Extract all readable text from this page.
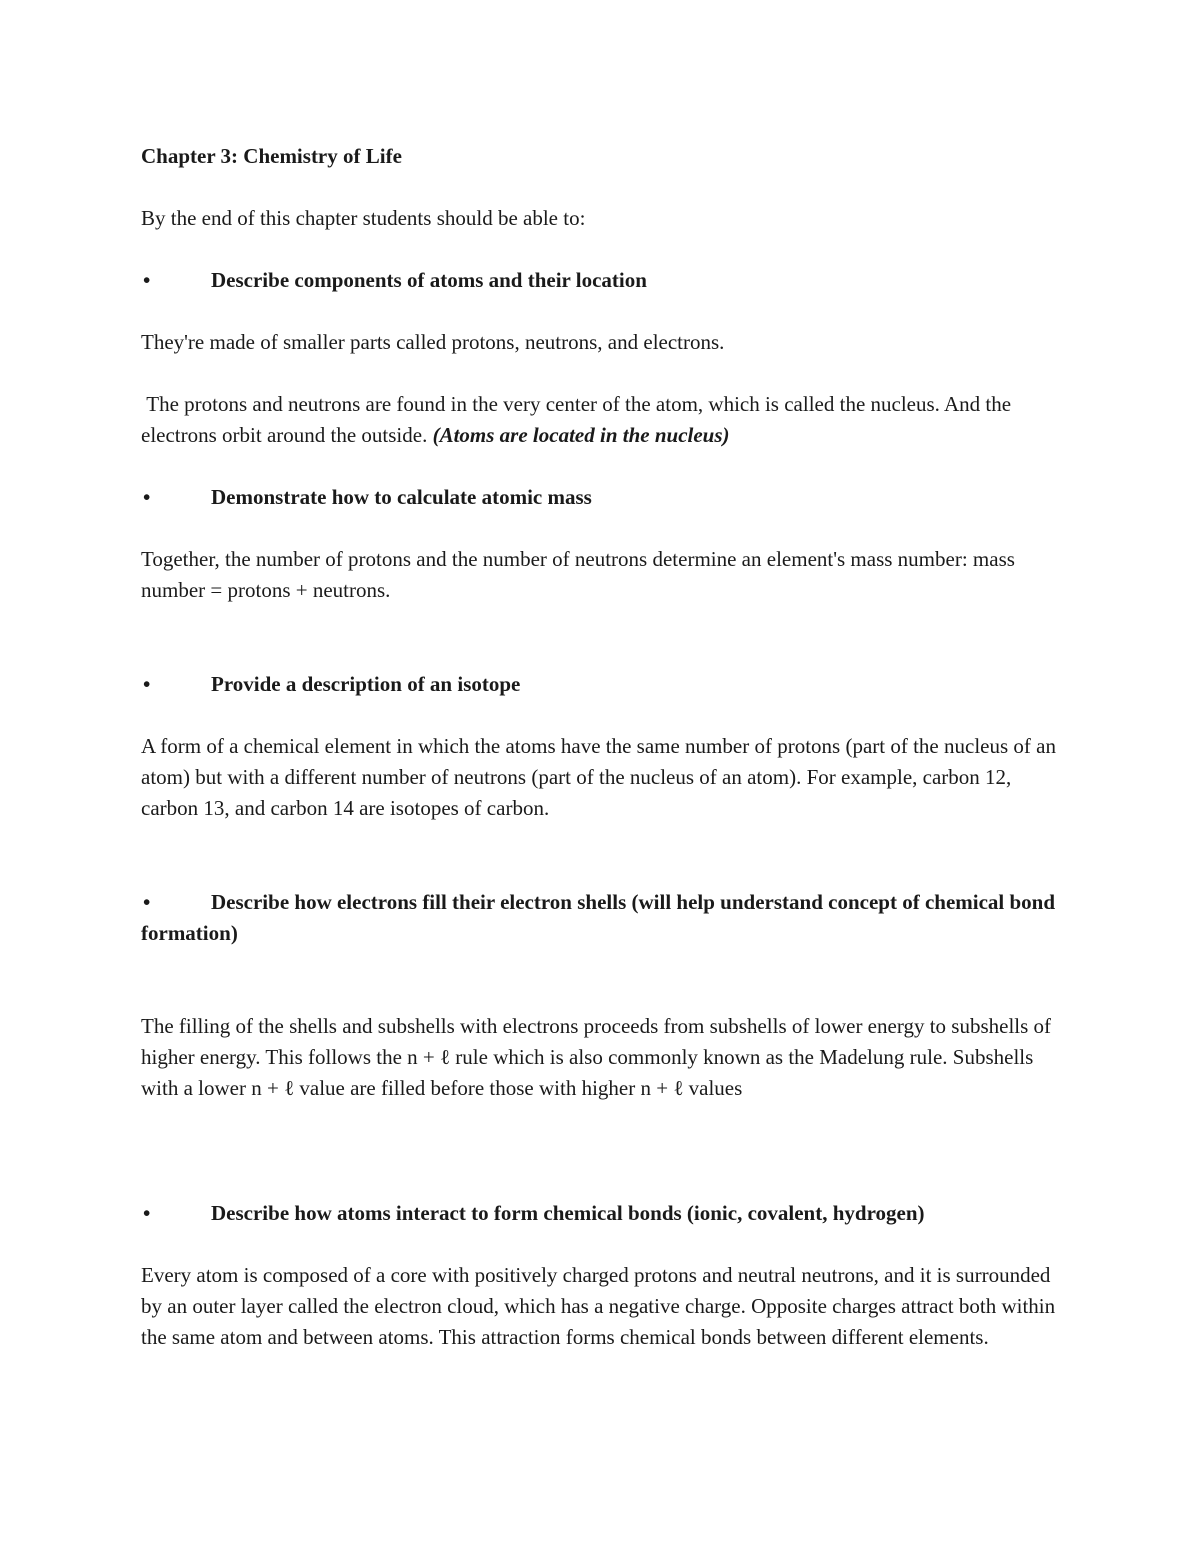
Chapter 3: Chemistry of Life
By the end of this chapter students should be able to:
•	Describe components of atoms and their location
They're made of smaller parts called protons, neutrons, and electrons.
The protons and neutrons are found in the very center of the atom, which is called the nucleus. And the electrons orbit around the outside. (Atoms are located in the nucleus)
•	Demonstrate how to calculate atomic mass
Together, the number of protons and the number of neutrons determine an element's mass number: mass number = protons + neutrons.
•	Provide a description of an isotope
A form of a chemical element in which the atoms have the same number of protons (part of the nucleus of an atom) but with a different number of neutrons (part of the nucleus of an atom). For example, carbon 12, carbon 13, and carbon 14 are isotopes of carbon.
•	Describe how electrons fill their electron shells (will help understand concept of chemical bond formation)
The filling of the shells and subshells with electrons proceeds from subshells of lower energy to subshells of higher energy. This follows the n + ℓ rule which is also commonly known as the Madelung rule. Subshells with a lower n + ℓ value are filled before those with higher n + ℓ values
•	Describe how atoms interact to form chemical bonds (ionic, covalent, hydrogen)
Every atom is composed of a core with positively charged protons and neutral neutrons, and it is surrounded by an outer layer called the electron cloud, which has a negative charge. Opposite charges attract both within the same atom and between atoms. This attraction forms chemical bonds between different elements.
